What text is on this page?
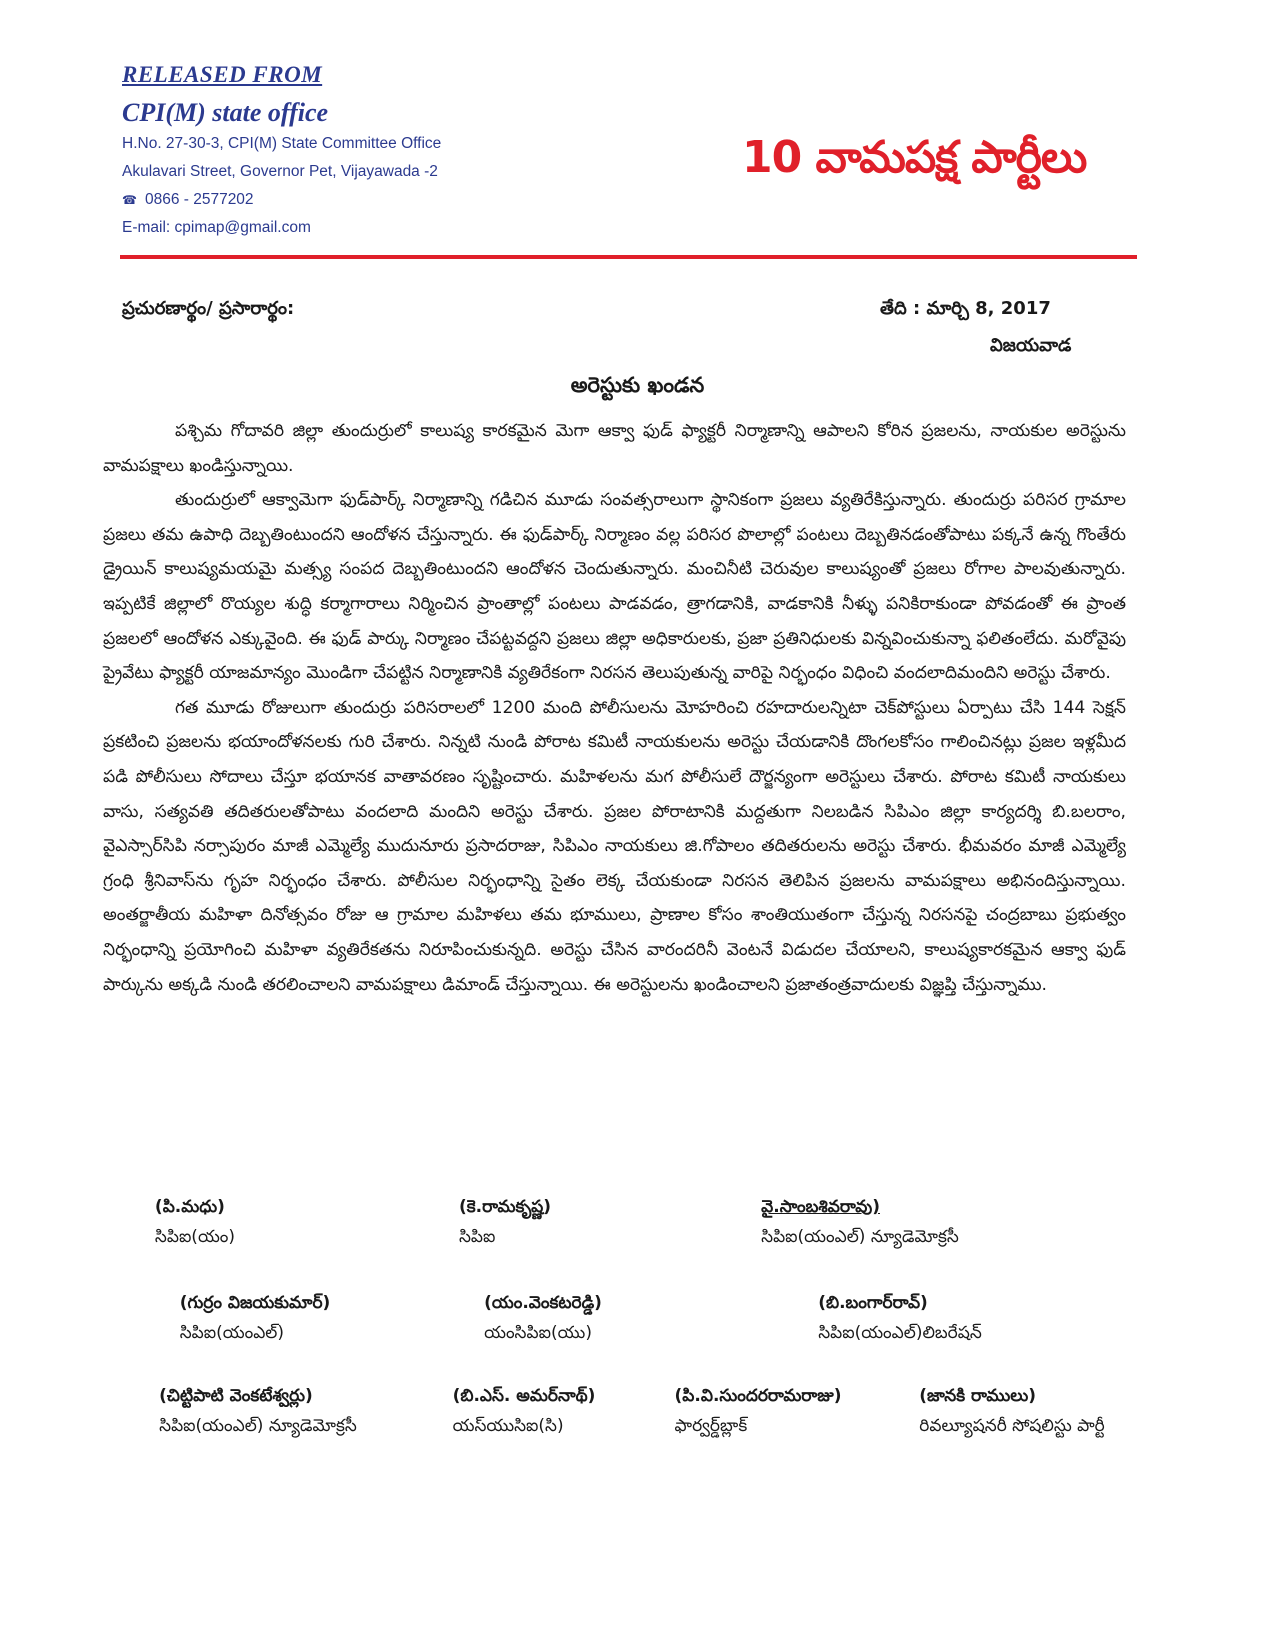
RELEASED FROM
CPI(M) state office
H.No. 27-30-3, CPI(M) State Committee Office
Akulavari Street, Governor Pet, Vijayawada -2
☎ 0866 - 2577202
E-mail: cpimap@gmail.com
10 వామపక్ష పార్టీలు
ప్రచురణార్థం/ ప్రసారార్థం:	తేది : మార్చి 8, 2017
విజయవాడ
అరెస్టుకు ఖండన

పశ్చిమ గోదావరి జిల్లా తుందుర్రులో కాలుష్య కారకమైన మెగా ఆక్వా ఫుడ్ ఫ్యాక్టరీ నిర్మాణాన్ని ఆపాలని కోరిన ప్రజలను, నాయకుల అరెస్టును వామపక్షాలు ఖండిస్తున్నాయి.

తుందుర్రులో ఆక్వామెగా ఫుడ్‌పార్క్ నిర్మాణాన్ని గడిచిన మూడు సంవత్సరాలుగా స్థానికంగా ప్రజలు వ్యతిరేకిస్తున్నారు. తుందుర్రు పరిసర గ్రామాల ప్రజలు తమ ఉపాధి దెబ్బతింటుందని ఆందోళన చేస్తున్నారు. ఈ ఫుడ్‌పార్క్ నిర్మాణం వల్ల పరిసర పొలాల్లో పంటలు దెబ్బతినడంతోపాటు పక్కనే ఉన్న గొంతేరు డ్రైయిన్ కాలుష్యమయమై మత్స్య సంపద దెబ్బతింటుందని ఆందోళన చెందుతున్నారు. మంచినీటి చెరువుల కాలుష్యంతో ప్రజలు రోగాల పాలవుతున్నారు. ఇప్పటికే జిల్లాలో రొయ్యల శుద్ధి కర్మాగారాలు నిర్మించిన ప్రాంతాల్లో పంటలు పాడవడం, త్రాగడానికి, వాడకానికి నీళ్ళు పనికిరాకుండా పోవడంతో ఈ ప్రాంత ప్రజలలో ఆందోళన ఎక్కువైంది. ఈ ఫుడ్ పార్కు నిర్మాణం చేపట్టవద్దని ప్రజలు జిల్లా అధికారులకు, ప్రజా ప్రతినిధులకు విన్నవించుకున్నా ఫలితంలేదు. మరోవైపు ప్రైవేటు ఫ్యాక్టరీ యాజమాన్యం మొండిగా చేపట్టిన నిర్మాణానికి వ్యతిరేకంగా నిరసన తెలుపుతున్న వారిపై నిర్భంధం విధించి వందలాదిమందిని అరెస్టు చేశారు.

గత మూడు రోజులుగా తుందుర్రు పరిసరాలలో 1200 మంది పోలీసులను మోహరించి రహదారులన్నిటా చెక్‌పోస్టులు ఏర్పాటు చేసి 144 సెక్షన్ ప్రకటించి ప్రజలను భయాందోళనలకు గురి చేశారు. నిన్నటి నుండి పోరాట కమిటీ నాయకులను అరెస్టు చేయడానికి దొంగలకోసం గాలించినట్లు ప్రజల ఇళ్లమీద పడి పోలీసులు సోదాలు చేస్తూ భయానక వాతావరణం సృష్టించారు. మహిళలను మగ పోలీసులే దౌర్జన్యంగా అరెస్టులు చేశారు. పోరాట కమిటీ నాయకులు వాసు, సత్యవతి తదితరులతోపాటు వందలాది మందిని అరెస్టు చేశారు. ప్రజల పోరాటానికి మద్దతుగా నిలబడిన సిపిఎం జిల్లా కార్యదర్శి బి.బలరాం, వైఎస్సార్‌సిపి నర్సాపురం మాజీ ఎమ్మెల్యే ముదునూరు ప్రసాదరాజు, సిపిఎం నాయకులు జి.గోపాలం తదితరులను అరెస్టు చేశారు. భీమవరం మాజీ ఎమ్మెల్యే గ్రంధి శ్రీనివాస్‌ను గృహ నిర్భంధం చేశారు. పోలీసుల నిర్భంధాన్ని సైతం లెక్క చేయకుండా నిరసన తెలిపిన ప్రజలను వామపక్షాలు అభినందిస్తున్నాయి. అంతర్జాతీయ మహిళా దినోత్సవం రోజు ఆ గ్రామాల మహిళలు తమ భూములు, ప్రాణాల కోసం శాంతియుతంగా చేస్తున్న నిరసనపై చంద్రబాబు ప్రభుత్వం నిర్భంధాన్ని ప్రయోగించి మహిళా వ్యతిరేకతను నిరూపించుకున్నది. అరెస్టు చేసిన వారందరినీ వెంటనే విడుదల చేయాలని, కాలుష్యకారకమైన ఆక్వా ఫుడ్ పార్కును అక్కడి నుండి తరలించాలని వామపక్షాలు డిమాండ్ చేస్తున్నాయి. ఈ అరెస్టులను ఖండించాలని ప్రజాతంత్రవాదులకు విజ్ఞప్తి చేస్తున్నాము.

(పి.మధు)
సిపిఐ(యం)
(కె.రామకృష్ణ)
సిపిఐ
వై.సాంబశివరావు)
సిపిఐ(యంఎల్) న్యూడెమోక్రసీ
(గుర్రం విజయకుమార్)
సిపిఐ(యంఎల్)
(యం.వెంకటరెడ్డి)
యంసిపిఐ(యు)
(బి.బంగార్‌రావ్)
సిపిఐ(యంఎల్)లిబరేషన్
(చిట్టిపాటి వెంకటేశ్వర్లు)
సిపిఐ(యంఎల్) న్యూడెమోక్రసీ
(బి.ఎస్. అమర్‌నాథ్)
యస్‌యుసిఐ(సి)
(పి.వి.సుందరరామరాజు)
ఫార్వర్డ్‌బ్లాక్
(జానకి రాములు)
రివల్యూషనరీ సోషలిస్టు పార్టీ
